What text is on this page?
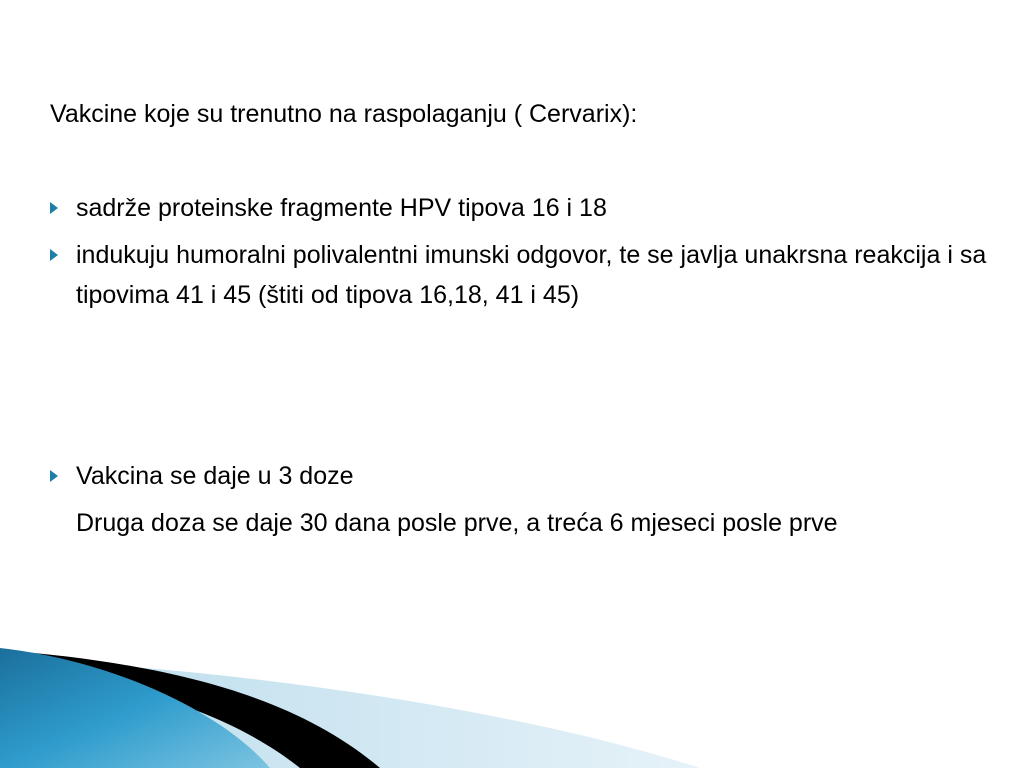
Vakcine koje su trenutno na raspolaganju ( Cervarix):
sadrže proteinske fragmente HPV tipova 16 i 18
indukuju humoralni polivalentni imunski odgovor, te se javlja unakrsna reakcija i sa tipovima 41 i 45 (štiti od tipova 16,18, 41 i 45)
Vakcina se daje u 3 doze
Druga doza se daje 30 dana posle prve, a treća 6 mjeseci posle prve
